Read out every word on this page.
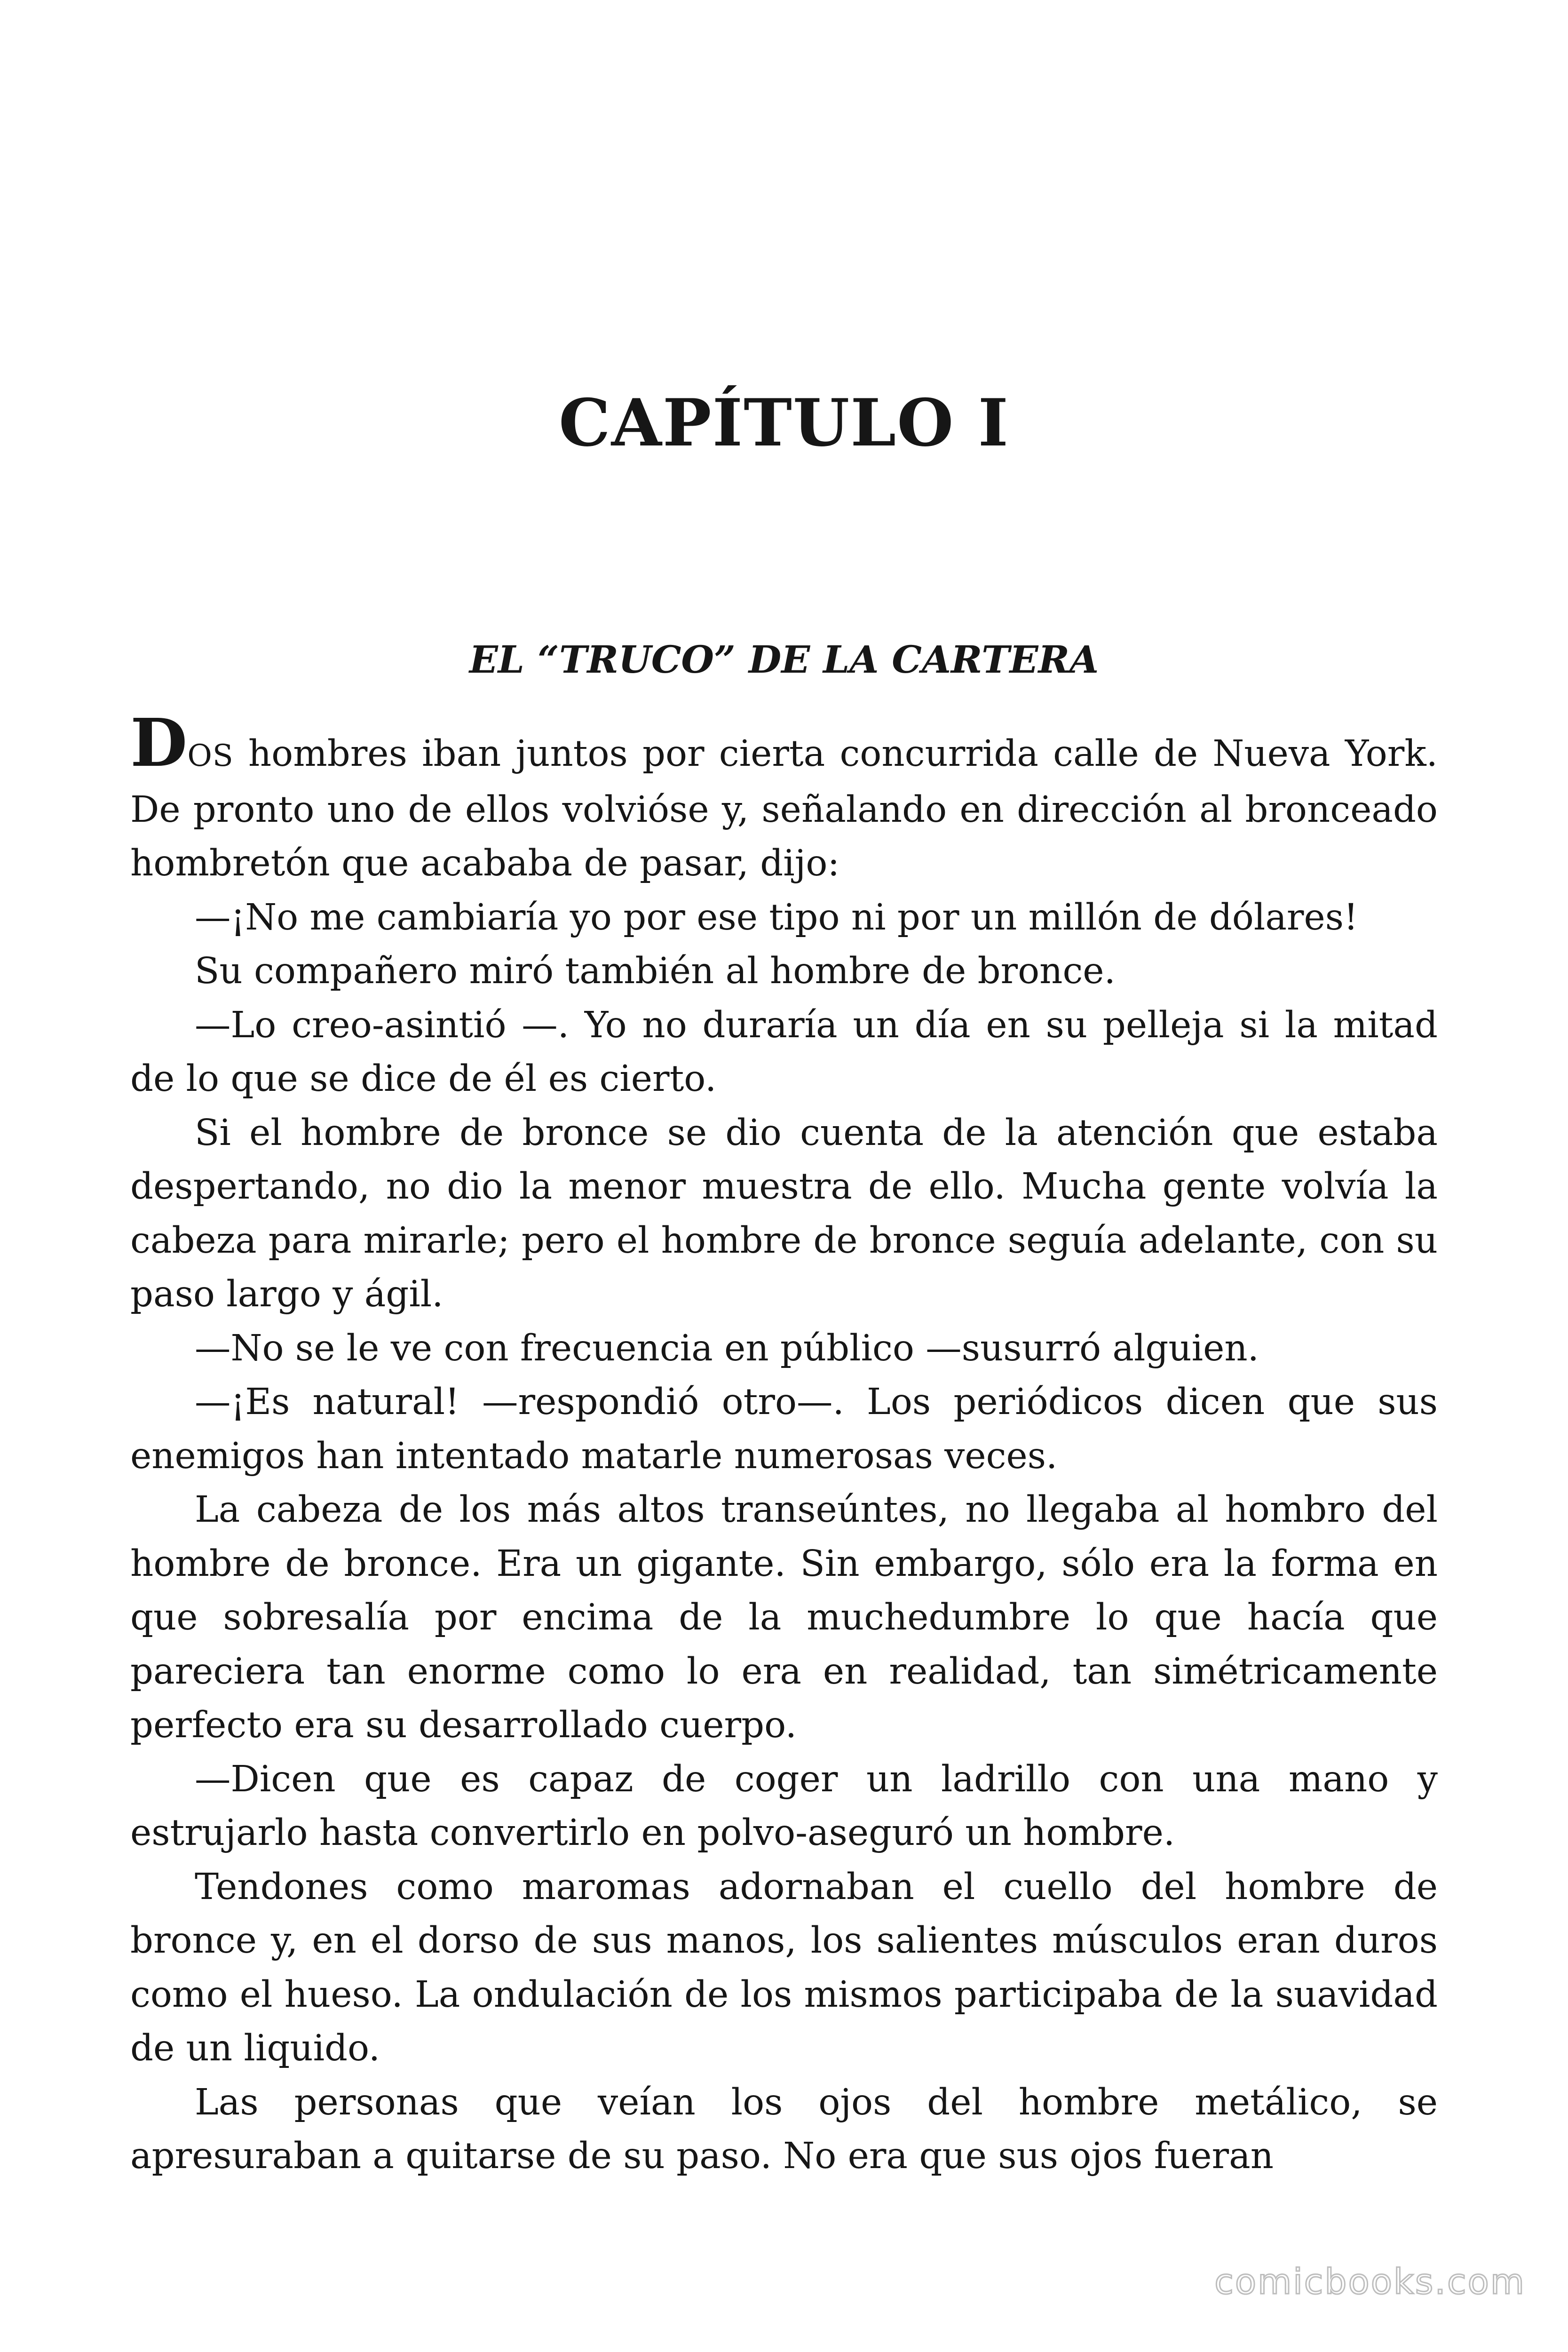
CAPÍTULO I
EL “TRUCO” DE LA CARTERA

DOS hombres iban juntos por cierta concurrida calle de Nueva York. De pronto uno de ellos volvióse y, señalando en dirección al bronceado hombretón que acababa de pasar, dijo:

—¡No me cambiaría yo por ese tipo ni por un millón de dólares!

Su compañero miró también al hombre de bronce.

—Lo creo-asintió —. Yo no duraría un día en su pelleja si la mitad de lo que se dice de él es cierto.

Si el hombre de bronce se dio cuenta de la atención que estaba despertando, no dio la menor muestra de ello. Mucha gente volvía la cabeza para mirarle; pero el hombre de bronce seguía adelante, con su paso largo y ágil.

—No se le ve con frecuencia en público —susurró alguien.

—¡Es natural! —respondió otro—. Los periódicos dicen que sus enemigos han intentado matarle numerosas veces.

La cabeza de los más altos transeúntes, no llegaba al hombro del hombre de bronce. Era un gigante. Sin embargo, sólo era la forma en que sobresalía por encima de la muchedumbre lo que hacía que pareciera tan enorme como lo era en realidad, tan simétricamente perfecto era su desarrollado cuerpo.

—Dicen que es capaz de coger un ladrillo con una mano y estrujarlo hasta convertirlo en polvo-aseguró un hombre.

Tendones como maromas adornaban el cuello del hombre de bronce y, en el dorso de sus manos, los salientes músculos eran duros como el hueso. La ondulación de los mismos participaba de la suavidad de un liquido.

Las personas que veían los ojos del hombre metálico, se apresuraban a quitarse de su paso. No era que sus ojos fueran

comicbooks.com
